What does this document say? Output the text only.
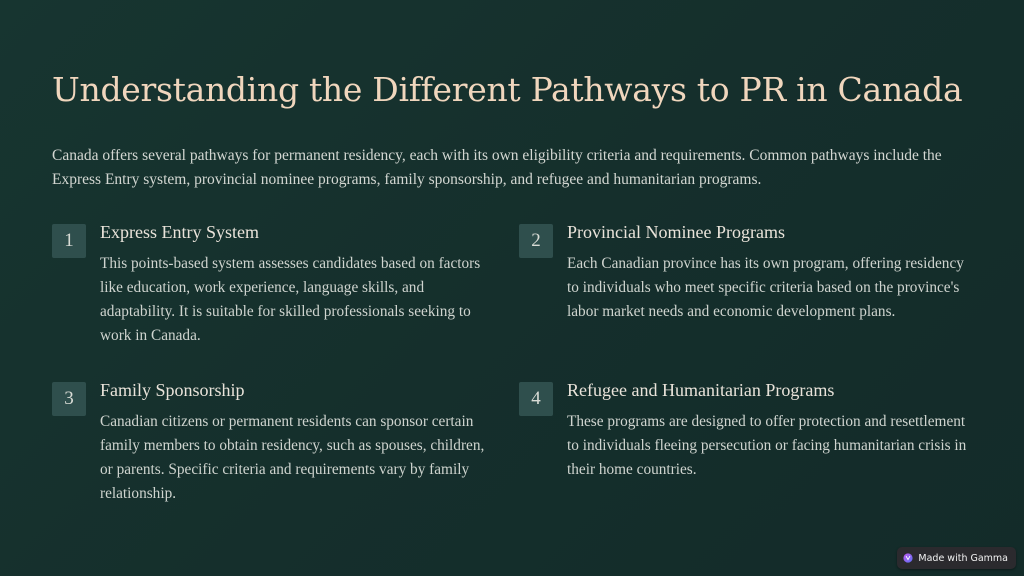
Understanding the Different Pathways to PR in Canada

Canada offers several pathways for permanent residency, each with its own eligibility criteria and requirements. Common pathways include the Express Entry system, provincial nominee programs, family sponsorship, and refugee and humanitarian programs.

1	Express Entry System

This points-based system assesses candidates based on factors like education, work experience, language skills, and adaptability. It is suitable for skilled professionals seeking to work in Canada.

2	Provincial Nominee Programs

Each Canadian province has its own program, offering residency to individuals who meet specific criteria based on the province's labor market needs and economic development plans.

3	Family Sponsorship

Canadian citizens or permanent residents can sponsor certain family members to obtain residency, such as spouses, children, or parents. Specific criteria and requirements vary by family relationship.

4	Refugee and Humanitarian Programs

These programs are designed to offer protection and resettlement to individuals fleeing persecution or facing humanitarian crisis in their home countries.

Made with Gamma
